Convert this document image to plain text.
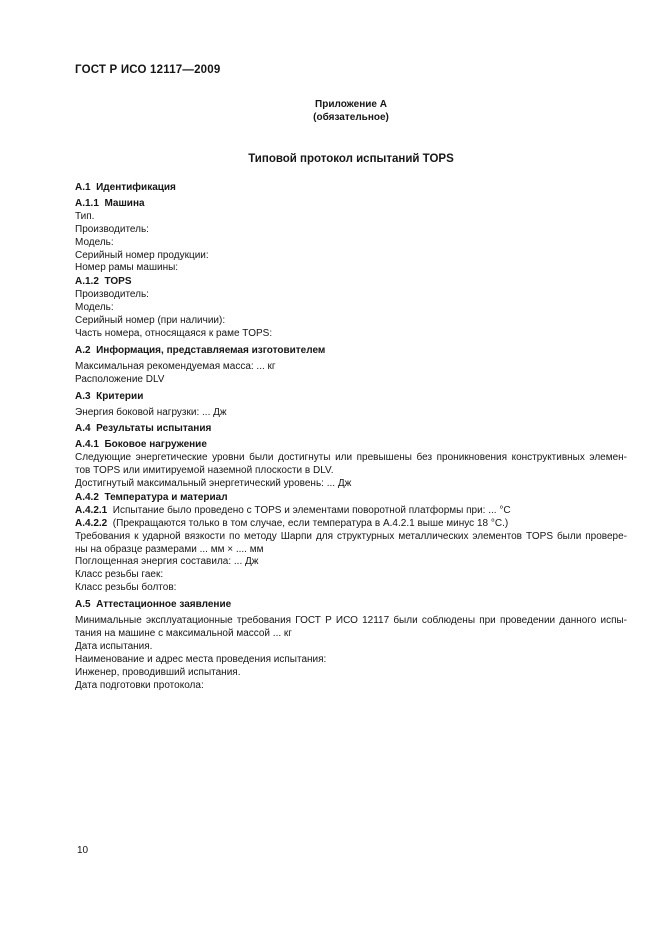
ГОСТ Р ИСО 12117—2009
Приложение А
(обязательное)
Типовой протокол испытаний TOPS
А.1  Идентификация
А.1.1  Машина
Тип.
Производитель:
Модель:
Серийный номер продукции:
Номер рамы машины:
А.1.2  TOPS
Производитель:
Модель:
Серийный номер (при наличии):
Часть номера, относящаяся к раме TOPS:
А.2  Информация, представляемая изготовителем
Максимальная рекомендуемая масса: ... кг
Расположение DLV
А.3  Критерии
Энергия боковой нагрузки: ... Дж
А.4  Результаты испытания
А.4.1  Боковое нагружение
Следующие энергетические уровни были достигнуты или превышены без проникновения конструктивных элемен-
тов TOPS или имитируемой наземной плоскости в DLV.
Достигнутый максимальный энергетический уровень: ... Дж
А.4.2  Температура и материал
А.4.2.1  Испытание было проведено с TOPS и элементами поворотной платформы при: ... °С
А.4.2.2  (Прекращаются только в том случае, если температура в А.4.2.1 выше минус 18 °С.)
Требования к ударной вязкости по методу Шарпи для структурных металлических элементов TOPS были провере-
ны на образце размерами ... мм × .... мм
Поглощенная энергия составила: ... Дж
Класс резьбы гаек:
Класс резьбы болтов:
А.5  Аттестационное заявление
Минимальные эксплуатационные требования ГОСТ Р ИСО 12117 были соблюдены при проведении данного испы-
тания на машине с максимальной массой ... кг
Дата испытания.
Наименование и адрес места проведения испытания:
Инженер, проводивший испытания.
Дата подготовки протокола:
10
